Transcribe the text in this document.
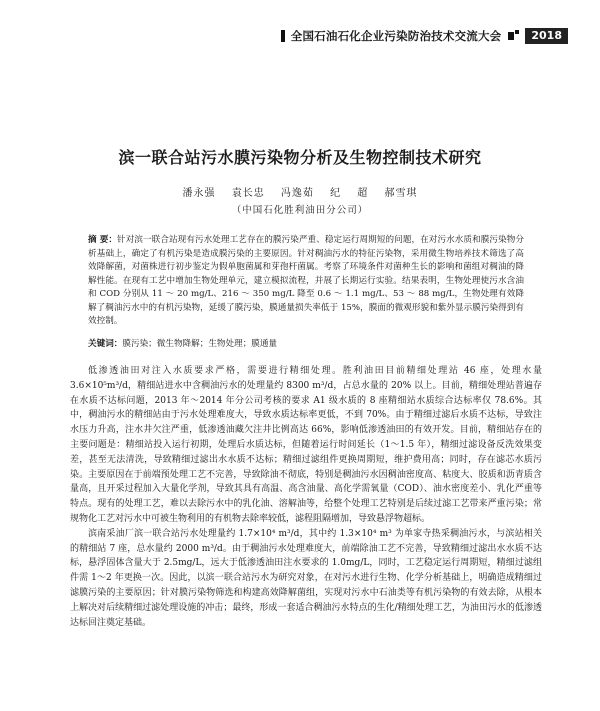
全国石油石化企业污染防治技术交流大会	2018
滨一联合站污水膜污染物分析及生物控制技术研究
潘永强 袁长忠 冯逸茹 纪 超 郝雪琪
（中国石化胜利油田分公司）
摘 要：针对滨一联合站现有污水处理工艺存在的膜污染严重、稳定运行周期短的问题，在对污水水质和膜污染物分析基础上，确定了有机污染是造成膜污染的主要原因。针对稠油污水的特征污染物，采用微生物培养技术筛选了高效降解菌，对菌株进行初步鉴定为假单胞菌属和芽孢杆菌属。考察了环境条件对菌种生长的影响和菌组对稠油的降解性能。在现有工艺中增加生物处理单元，建立模拟流程，并展了长期运行实验。结果表明，生物处理使污水含油和 COD 分别从 11 ～ 20 mg/L、216 ～ 350 mg/L 降至 0.6 ～ 1.1 mg/L、53 ～ 88 mg/L，生物处理有效降解了稠油污水中的有机污染物，延缓了膜污染，膜通量损失率低于 15%，膜面的微观形貌和紫外显示膜污染得到有效控制。
关键词：膜污染；微生物降解；生物处理；膜通量

低渗透油田对注入水质要求严格，需要进行精细处理。胜利油田目前精细处理站 46 座，处理水量 3.6×10⁵m³/d，精细站进水中含稠油污水的处理量约 8300 m³/d，占总水量的 20% 以上。目前，精细处理站普遍存在水质不达标问题，2013 年～2014 年分公司考核的要求 A1 级水质的 8 座精细站水质综合达标率仅 78.6%。其中，稠油污水的精细站由于污水处理难度大，导致水质达标率更低，不到 70%。由于精细过滤后水质不达标，导致注水压力升高，注水井欠注严重，低渗透油藏欠注井比例高达 66%，影响低渗透油田的有效开发。目前，精细站存在的主要问题是：精细站投入运行初期，处理后水质达标，但随着运行时间延长（1～1.5 年），精细过滤设备反洗效果变差，甚至无法清洗，导致精细过滤出水水质不达标；精细过滤组件更换周期短，维护费用高；同时，存在滤芯水质污染。主要原因在于前端预处理工艺不完善，导致除油不彻底，特别是稠油污水因稠油密度高、粘度大、胶质和沥青质含量高，且开采过程加入大量化学剂，导致其具有高温、高含油量、高化学需氧量（COD）、油水密度差小、乳化严重等特点。现有的处理工艺，难以去除污水中的乳化油、溶解油等，给整个处理工艺特别是后续过滤工艺带来严重污染；常规物化工艺对污水中可被生物利用的有机物去除率较低，滤程阻隔增加，导致悬浮物超标。

滨南采油厂滨一联合站污水处理量约 1.7×10⁴ m³/d，其中约 1.3×10⁴ m³ 为单家寺热采稠油污水，与滨站相关的精细站 7 座，总水量约 2000 m³/d。由于稠油污水处理难度大，前端除油工艺不完善，导致精细过滤出水水质不达标，悬浮固体含量大于 2.5mg/L，远大于低渗透油田注水要求的 1.0mg/L，同时，工艺稳定运行周期短，精细过滤组件需 1～2 年更换一次。因此，以滨一联合站污水为研究对象，在对污水进行生物、化学分析基础上，明确造成精细过滤膜污染的主要原因；针对膜污染物筛选和构建高效降解菌组，实现对污水中石油类等有机污染物的有效去除，从根本上解决对后续精细过滤处理设施的冲击；最终，形成一套适合稠油污水特点的生化/精细处理工艺，为油田污水的低渗透达标回注奠定基础。
